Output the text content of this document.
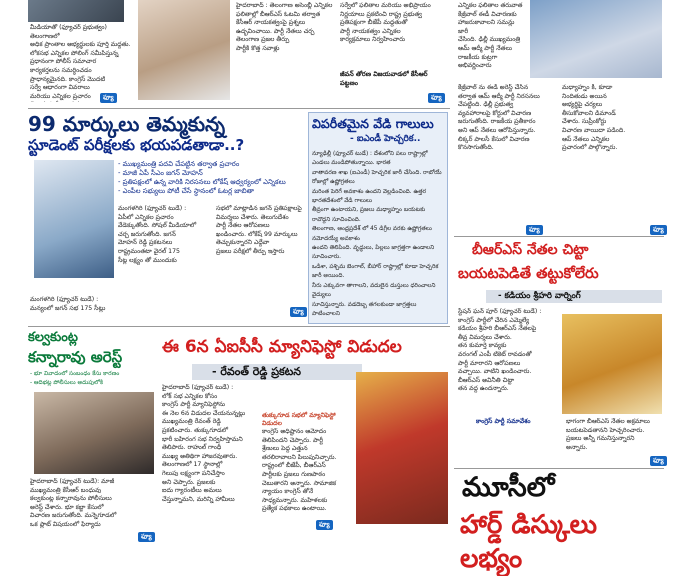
మీడియాతో (ఫ్యూచర్ ప్రభుత్వం) తెలంగాణలో
అధిక ప్రాంతాల అభ్యర్థులకు పూర్తి మద్దతు.
లోకసభ ఎన్నికల పోలింగ్ సమీపిస్తున్న
ప్రధానంగా పోలీస్ సమాచార
కార్యకర్తలను సమర్ధించడం
ప్రాధాన్యమైనది. కాంగ్రెస్ మొదటి
సర్వే ఆధారంగా వివరాలు
మరియు ఎన్నికల ప్రచారం	ఫ్యూ
హైదరాబాద్ : తెలంగాణ అసెంబ్లీ ఎన్నికల
ఫలితాల్లో బీఆర్ఎస్ ఓటమి తర్వాత
కేసీఆర్ నాయకత్వంపై ప్రశ్నలు
ఉద్భవించాయి. పార్టీ నేతలు చర్చ
తెలంగాణ ప్రజల తీర్పు
పార్టీకి కొత్త సవాళ్లు
సర్వేలో ఫలితాల మరియు అభిప్రాయం
నిర్ణయాలు ప్రకటించి రాష్ట్ర ప్రభుత్వ
ప్రతిపక్షంగా బీజేపీ మద్దతుతో
పార్టీ నాయకత్వం ఎన్నికల
కార్యక్రమాలు నిర్వహించారు
జీవన్ తోరణ విజయవాడలో కేసీఆర్ పట్టణం
ఫ్యూ
ఎన్నికల ఫలితాల తరువాత
కేజ్రీవాల్ ఈడీ విచారణకు
హాజరుకావాలని సమన్లు జారీ
చేసింది. ఢిల్లీ ముఖ్యమంత్రి
ఆమ్ ఆద్మీ పార్టీ నేతలు
రాజకీయ కుట్రగా అభివర్ణించారు
99 మార్కులు తెమ్మకున్న
స్టూడెంట్ పరీక్షలకు భయపడతాడా..?
- ముఖ్యమంత్రి పదవి చేపట్టిన తర్వాత ప్రచారం
- మాజీ ఏపీ సీఎం జగన్ మోహన్
- ప్రతిపక్షంలో ఉన్న వారికి నిరసనలు లోకేష్ ఆధ్వర్యంలో ఎన్నికలు
- ఎంపీల సభ్యులు పోటీ చేసే స్థానంలో ఓటర్ల జాబితా
మంగళగిరి (ఫ్యూచర్ టుడే) :
ఏపీలో ఎన్నికల ప్రచారం
వేడెక్కుతోంది. సోషల్ మీడియాలో
చర్చ జరుగుతోంది. జగన్
మోహన్ రెడ్డి ప్రకటనలు
రాష్ట్రమంతటా వైరల్ 175
సీట్ల లక్ష్యం తో ముందుకు
సభలో మాట్లాడిన జగన్ ప్రతిపక్షాలపై
విమర్శలు చేశారు. తెలుగుదేశం
పార్టీ నేతల ఆరోపణలు
ఖండించారు. లోకేష్ 99 మార్కులు
తెచ్చుకున్నారని ఎద్దేవా
ప్రజలు పరీక్షలో తీర్పు ఇస్తారు
మంగళగిరి (ఫ్యూచర్ టుడే) :
మన్యంలో జగన్ సభ 175 సీట్లు	ఫ్యూ
విపరీతమైన వేడి గాలులు
- ఐఎండీ హెచ్చరిక..
న్యూఢిల్లీ (ఫ్యూచర్ టుడే) : దేశంలోని పలు రాష్ట్రాల్లో ఎండలు మండిపోతున్నాయి. భారత
వాతావరణ శాఖ (ఐఎండీ) హెచ్చరిక జారీ చేసింది. రాబోయే రోజుల్లో ఉష్ణోగ్రతలు
మరింత పెరిగే అవకాశం ఉందని వెల్లడించింది. ఉత్తర భారతదేశంలో వేడి గాలులు
తీవ్రంగా ఉంటాయని, ప్రజలు మధ్యాహ్నం బయటకు రావొద్దని సూచించింది.
తెలంగాణ, ఆంధ్రప్రదేశ్ లో 45 డిగ్రీల వరకు ఉష్ణోగ్రతలు నమోదయ్యే అవకాశం
ఉందని తెలిపింది. వృద్ధులు, పిల్లలు జాగ్రత్తగా ఉండాలని సూచించారు.
ఒడిశా, పశ్చిమ బెంగాల్, బీహార్ రాష్ట్రాల్లో కూడా హెచ్చరిక జారీ అయింది.
నీరు ఎక్కువగా తాగాలని, వదులైన దుస్తులు ధరించాలని వైద్యులు
సూచిస్తున్నారు. వడదెబ్బ తగలకుండా జాగ్రత్తలు పాటించాలని

కేజ్రీవాల్ ను ఈడీ అరెస్ట్ చేసిన
తర్వాత ఆమ్ ఆద్మీ పార్టీ నిరసనలు
చేపట్టింది. ఢిల్లీ ప్రభుత్వ
వ్యవహారాలపై కోర్టులో విచారణ
జరుగుతోంది. రాజకీయ ప్రతీకారం
అని ఆప్ నేతలు ఆరోపిస్తున్నారు.
లిక్కర్ పాలసీ కేసులో విచారణ
కొనసాగుతోంది.
మధ్యాహ్నం కీ, కూడా
నిందితుడు అయిన
అభ్యర్థిపై చర్యలు
తీసుకోవాలని డిమాండ్
చేశారు. సుప్రీంకోర్టు
విచారణ వాయిదా పడింది.
ఆప్ నేతలు ఎన్నికల
ప్రచారంలో పాల్గొన్నారు.
ఫ్యూ	ఫ్యూ
బీఆర్ఎస్ నేతల చిట్టా
బయటపెడితే తట్టుకోలేరు
- కడియం శ్రీహరి వార్నింగ్
స్టేషన్ ఘన్ పూర్ (ఫ్యూచర్ టుడే) :
కాంగ్రెస్ పార్టీలో చేరిన ఎమ్మెల్యే
కడియం శ్రీహరి బీఆర్ఎస్ నేతలపై
తీవ్ర విమర్శలు చేశారు.
తన కుమార్తె కావ్యకు
వరంగల్ ఎంపీ టికెట్ రావడంతో
పార్టీ మారారని ఆరోపణలు
వచ్చాయి. వాటిని ఖండించారు.
బీఆర్ఎస్ అవినీతి చిట్టా
తన వద్ద ఉందన్నారు.
కాంగ్రెస్ పార్టీ సమావేశం	భాగంగా బీఆర్ఎస్ నేతల అక్రమాలు
బయటపెడతానని హెచ్చరించారు.
ప్రజలు అన్నీ గమనిస్తున్నారని
అన్నారు.
ఫ్యూ
మూసీలో
హార్డ్ డిస్కులు లభ్యం
కల్వకుంట్ల
కన్నారావు అరెస్ట్
- భూ వివాదంలో సంబంధం కేసు కారణం
- ఆదిభట్ల పోలీసులు అదుపులోకి
హైదరాబాద్ (ఫ్యూచర్ టుడే): మాజీ
ముఖ్యమంత్రి కేసీఆర్ బంధువు
కల్వకుంట్ల కన్నారావును పోలీసులు
అరెస్ట్ చేశారు. భూ కబ్జా కేసులో
విచారణ జరుగుతోంది. మన్నెగూడలో
ఒక ప్లాట్ విషయంలో ఫిర్యాదు
ఫ్యూ
ఈ 6న ఏఐసీసీ మ్యానిఫెస్టో విడుదల
- రేవంత్ రెడ్డి ప్రకటన
హైదరాబాద్ (ఫ్యూచర్ టుడే) :
లోక్ సభ ఎన్నికల కోసం
కాంగ్రెస్ పార్టీ మ్యానిఫెస్టోను
ఈ నెల 6న విడుదల చేయనున్నట్లు
ముఖ్యమంత్రి రేవంత్ రెడ్డి
ప్రకటించారు. తుక్కుగూడలో
భారీ బహిరంగ సభ నిర్వహిస్తామని
తెలిపారు. రాహుల్ గాంధీ
ముఖ్య అతిథిగా హాజరవుతారు.
తెలంగాణలో 17 స్థానాల్లో
గెలుపు లక్ష్యంగా పనిచేస్తాం
అని చెప్పారు. ప్రజలకు
ఐదు గ్యారంటీలు అమలు
చేస్తున్నామని, మరిన్ని హామీలు
తుక్కుగూడ సభలో మ్యానిఫెస్టో విడుదల
కాంగ్రెస్ అధిష్టానం ఆమోదం
తెలిపిందని చెప్పారు. పార్టీ
శ్రేణులు పెద్ద ఎత్తున
తరలిరావాలని పిలుపునిచ్చారు.
రాష్ట్రంలో బీజేపీ, బీఆర్ఎస్
పార్టీలకు ప్రజలు గుణపాఠం
చెబుతారని అన్నారు. సామాజిక
న్యాయం కాంగ్రెస్ తోనే
సాధ్యమన్నారు. మహిళలకు
ప్రత్యేక పథకాలు ఉంటాయి.
ఫ్యూ
